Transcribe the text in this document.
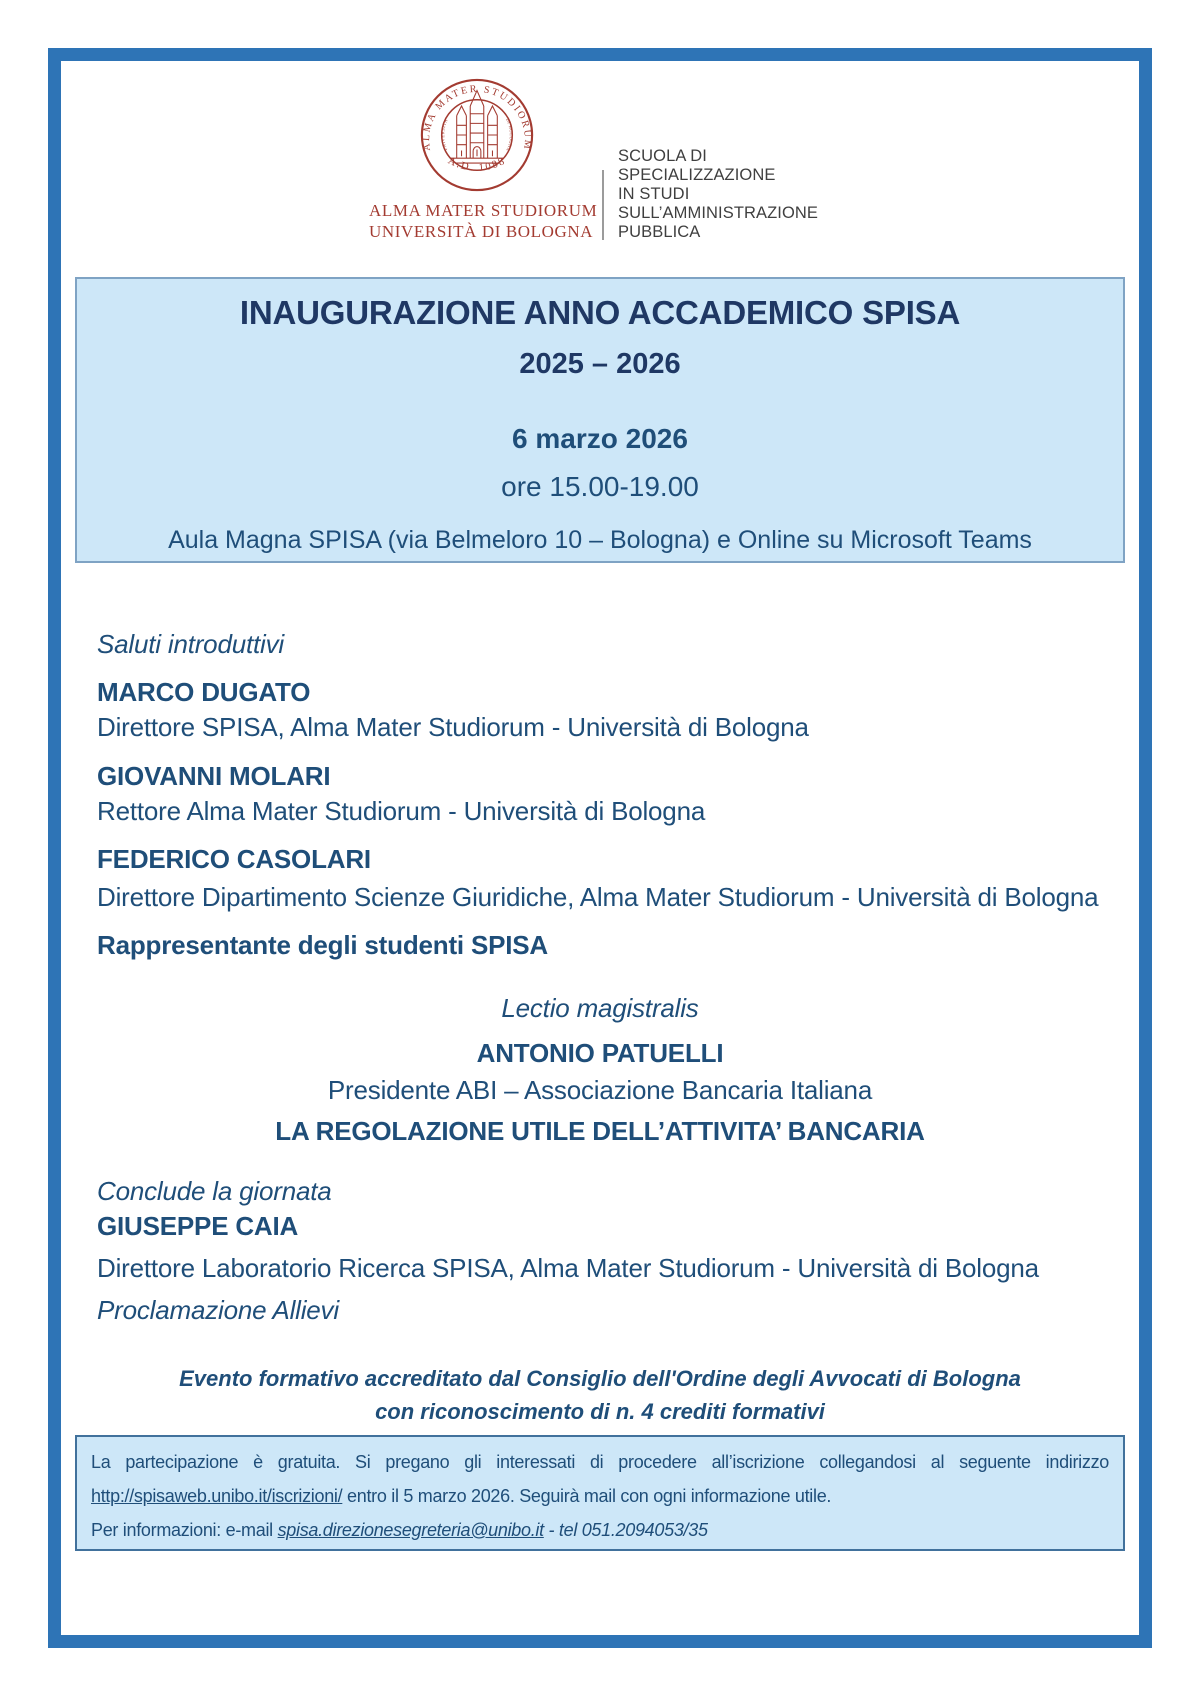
ALMA MATER STUDIORUM
A.D. 1088
VNIVERSITA	DI BOLOGNA
ALMA MATER STUDIORUM
UNIVERSITÀ DI BOLOGNA
SCUOLA DI SPECIALIZZAZIONE
IN STUDI
SULL’AMMINISTRAZIONE
PUBBLICA
INAUGURAZIONE ANNO ACCADEMICO SPISA
2025 – 2026
6 marzo 2026
ore 15.00-19.00
Aula Magna SPISA (via Belmeloro 10 – Bologna) e Online su Microsoft Teams

Saluti introduttivi

MARCO DUGATO

Direttore SPISA, Alma Mater Studiorum - Università di Bologna

GIOVANNI MOLARI

Rettore Alma Mater Studiorum - Università di Bologna

FEDERICO CASOLARI

Direttore Dipartimento Scienze Giuridiche, Alma Mater Studiorum - Università di Bologna

Rappresentante degli studenti SPISA

Lectio magistralis

ANTONIO PATUELLI

Presidente ABI – Associazione Bancaria Italiana

LA REGOLAZIONE UTILE DELL’ATTIVITA’ BANCARIA

Conclude la giornata

GIUSEPPE CAIA

Direttore Laboratorio Ricerca SPISA, Alma Mater Studiorum - Università di Bologna

Proclamazione Allievi

Evento formativo accreditato dal Consiglio dell'Ordine degli Avvocati di Bologna
con riconoscimento di n. 4 crediti formativi

La partecipazione è gratuita. Si pregano gli interessati di procedere all’iscrizione collegandosi al seguente indirizzo http://spisaweb.unibo.it/iscrizioni/ entro il 5 marzo 2026. Seguirà mail con ogni informazione utile.

Per informazioni: e-mail spisa.direzionesegreteria@unibo.it - tel 051.2094053/35
